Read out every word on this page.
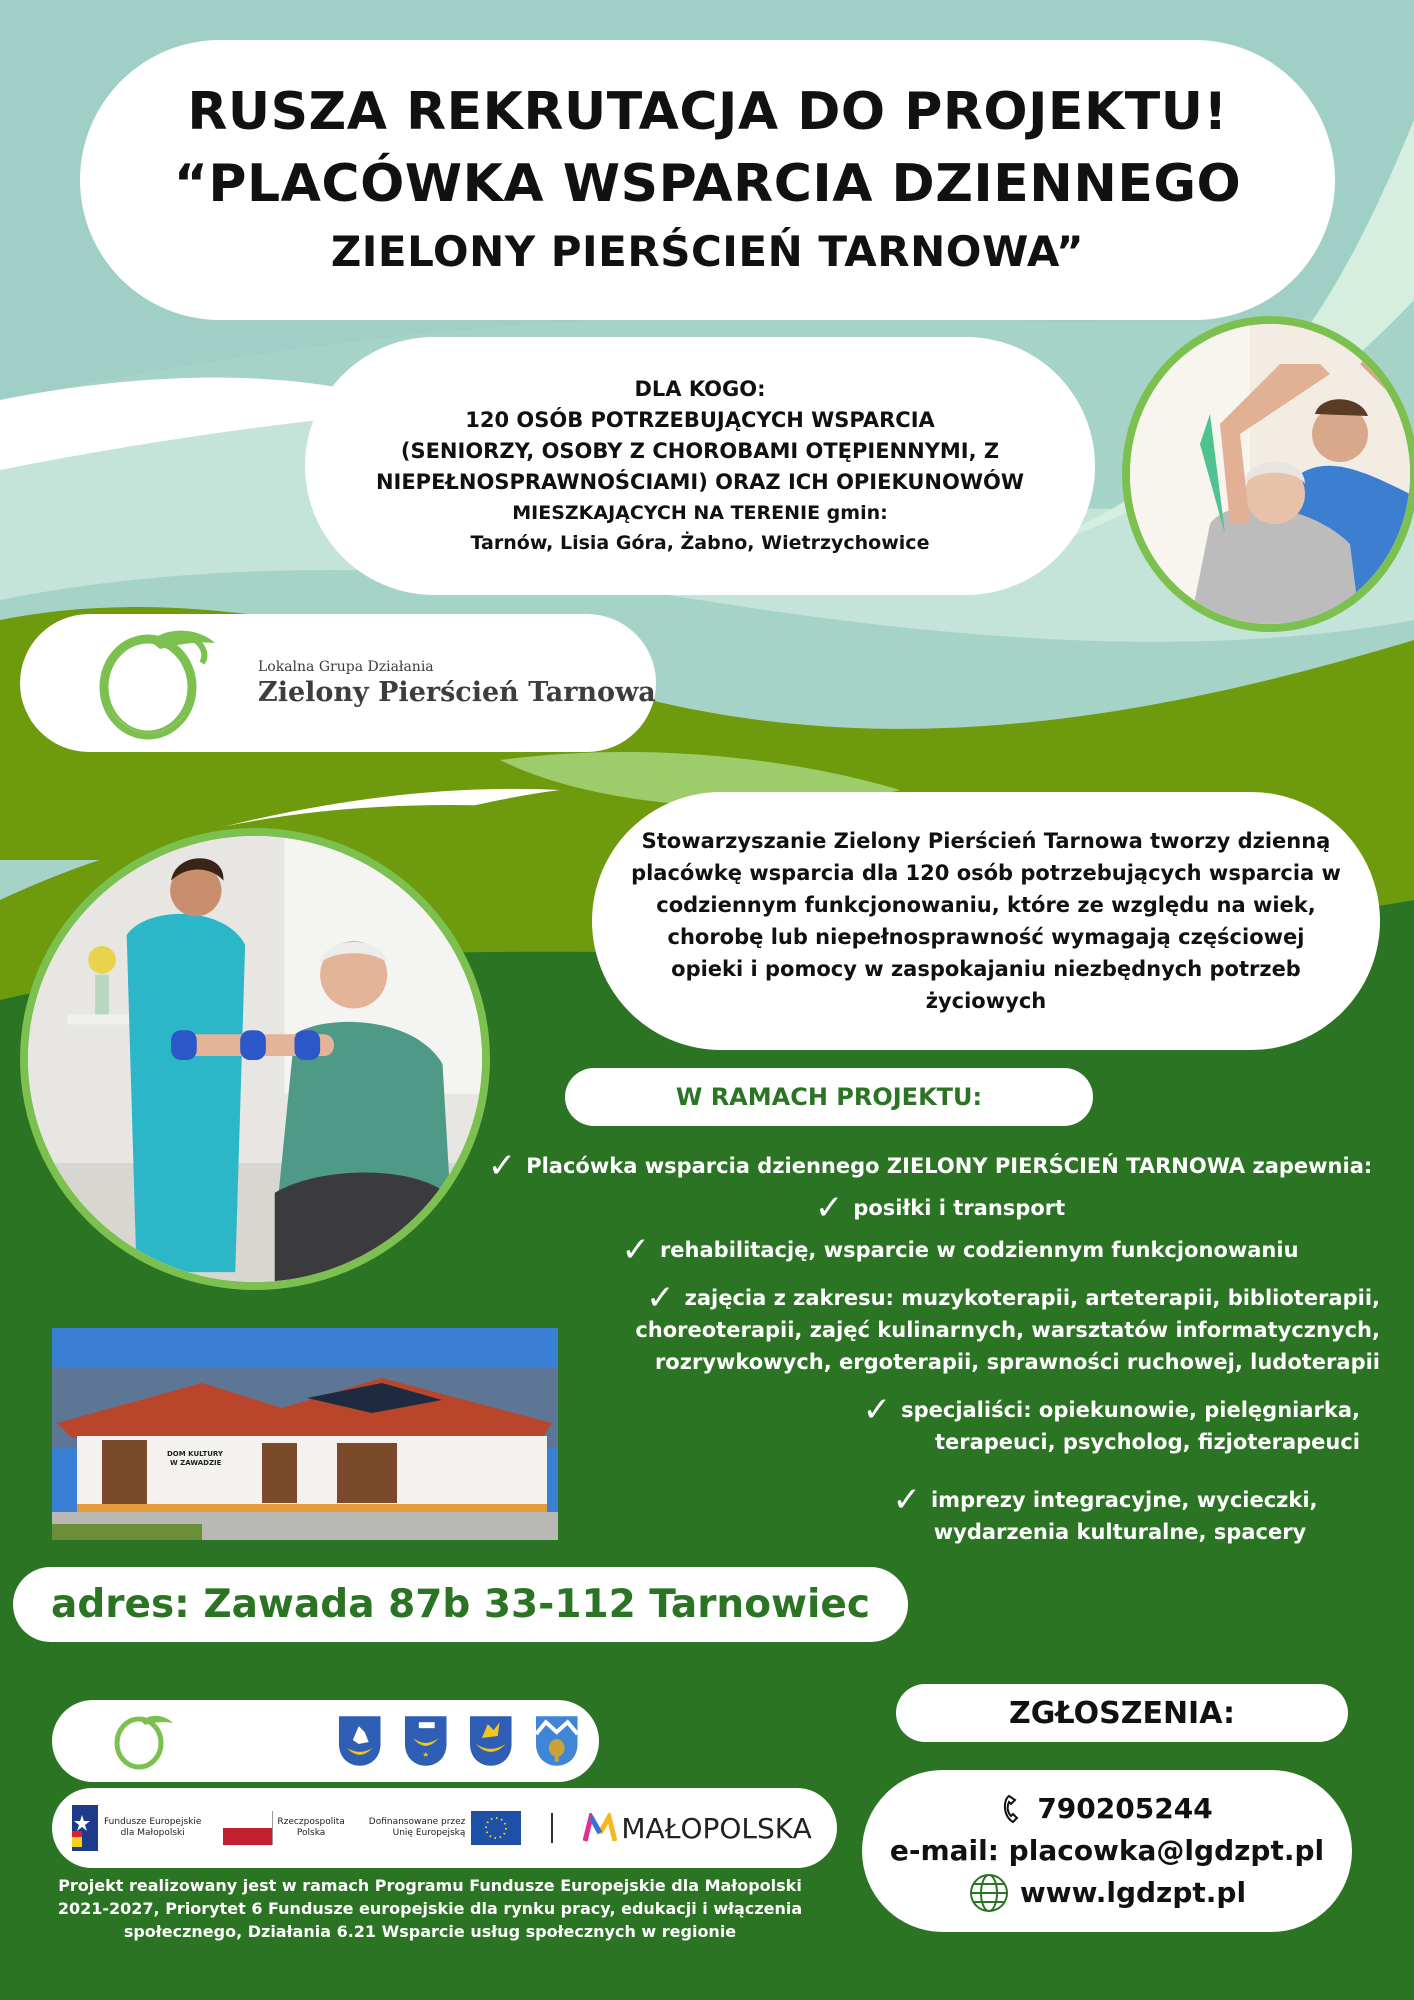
RUSZA REKRUTACJA DO PROJEKTU!
“PLACÓWKA WSPARCIA DZIENNEGO
ZIELONY PIERŚCIEŃ TARNOWA”
DLA KOGO:
120 OSÓB POTRZEBUJĄCYCH WSPARCIA
(SENIORZY, OSOBY Z CHOROBAMI OTĘPIENNYMI, Z
NIEPEŁNOSPRAWNOŚCIAMI) ORAZ ICH OPIEKUNOWÓW
MIESZKAJĄCYCH NA TERENIE gmin:
Tarnów, Lisia Góra, Żabno, Wietrzychowice
Lokalna Grupa Działania
Zielony Pierścień Tarnowa
Stowarzyszanie Zielony Pierścień Tarnowa tworzy dzienną
placówkę wsparcia dla 120 osób potrzebujących wsparcia w
codziennym funkcjonowaniu, które ze względu na wiek,
chorobę lub niepełnosprawność wymagają częściowej
opieki i pomocy w zaspokajaniu niezbędnych potrzeb
życiowych
W RAMACH PROJEKTU:
✓ Placówka wsparcia dziennego ZIELONY PIERŚCIEŃ TARNOWA zapewnia:
✓ posiłki i transport
✓ rehabilitację, wsparcie w codziennym funkcjonowaniu
✓ zajęcia z zakresu: muzykoterapii, arteterapii, biblioterapii,
choreoterapii, zajęć kulinarnych, warsztatów informatycznych,
rozrywkowych, ergoterapii, sprawności ruchowej, ludoterapii
✓ specjaliści: opiekunowie, pielęgniarka,
terapeuci, psycholog, fizjoterapeuci
✓ imprezy integracyjne, wycieczki,
wydarzenia kulturalne, spacery
DOM KULTURY
W ZAWADZIE
adres: Zawada 87b 33-112 Tarnowiec
Fundusze Europejskie
dla Małopolski
Rzeczpospolita
Polska
Dofinansowane przez
Unię Europejską	MAŁOPOLSKA
Projekt realizowany jest w ramach Programu Fundusze Europejskie dla Małopolski
2021-2027, Priorytet 6 Fundusze europejskie dla rynku pracy, edukacji i włączenia
społecznego, Działania 6.21 Wsparcie usług społecznych w regionie
ZGŁOSZENIA:
790205244
e-mail: placowka@lgdzpt.pl
www.lgdzpt.pl
